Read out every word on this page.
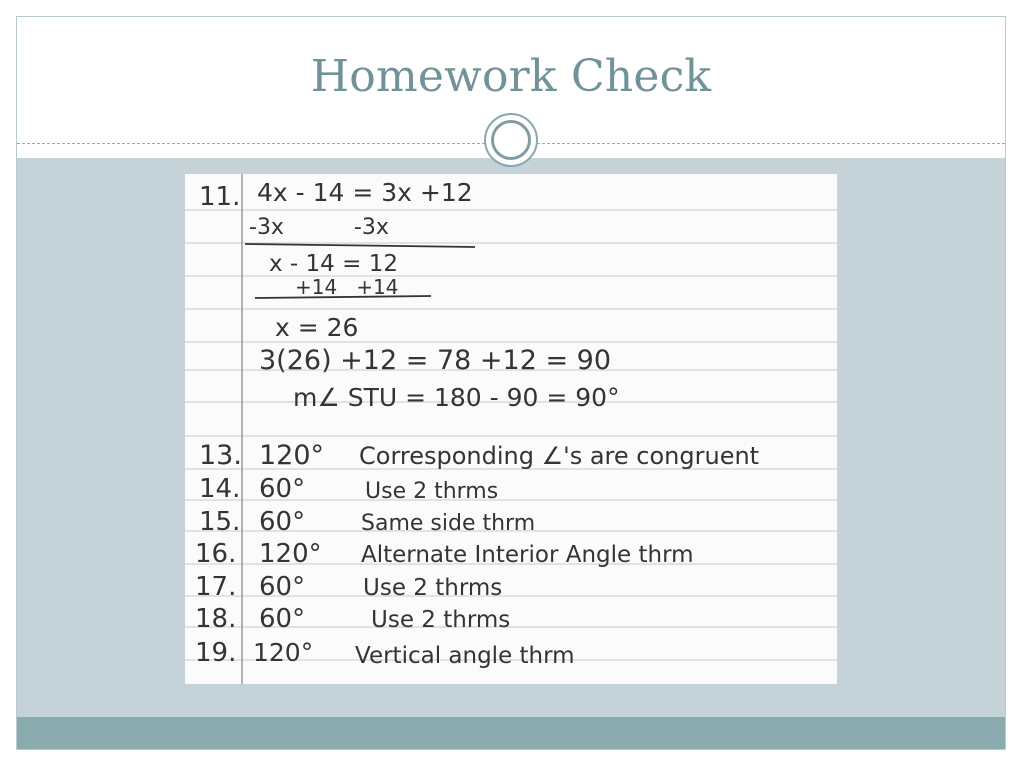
Homework Check
11. 4x - 14 = 3x +12
-3x          -3x
x - 14 = 12
+14   +14
x = 26
3(26) +12 = 78 +12 = 90
m∠ STU = 180 - 90 = 90°
13. 120° Corresponding ∠'s are congruent
14. 60°	Use 2 thrms
15. 60°	Same side thrm
16. 120° Alternate Interior Angle thrm
17. 60°	Use 2 thrms
18. 60°	Use 2 thrms
19. 120° Vertical angle thrm
